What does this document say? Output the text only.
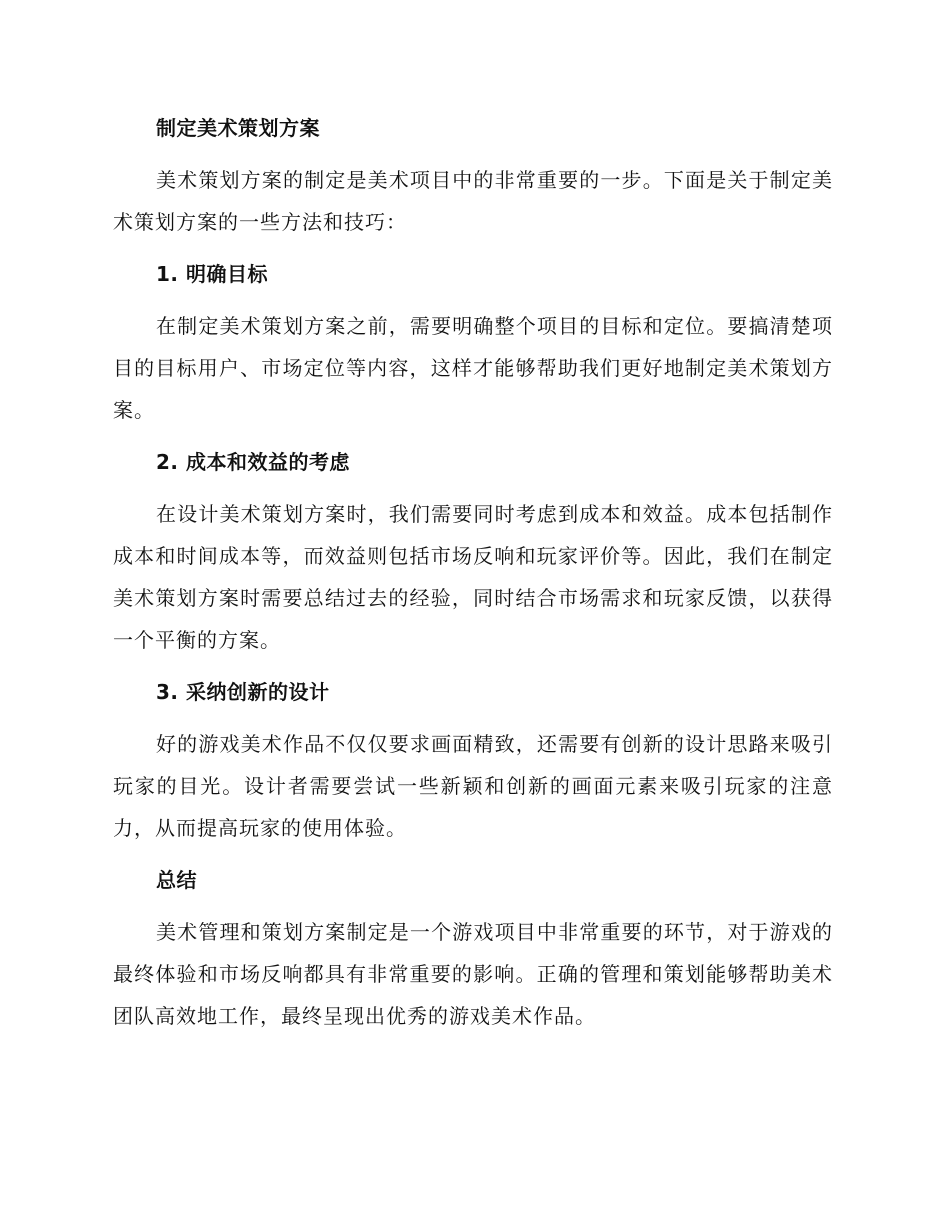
制定美术策划方案

美术策划方案的制定是美术项目中的非常重要的一步。下面是关于制定美术策划方案的一些方法和技巧：

1. 明确目标

在制定美术策划方案之前，需要明确整个项目的目标和定位。要搞清楚项目的目标用户、市场定位等内容，这样才能够帮助我们更好地制定美术策划方案。

2. 成本和效益的考虑

在设计美术策划方案时，我们需要同时考虑到成本和效益。成本包括制作成本和时间成本等，而效益则包括市场反响和玩家评价等。因此，我们在制定美术策划方案时需要总结过去的经验，同时结合市场需求和玩家反馈，以获得一个平衡的方案。

3. 采纳创新的设计

好的游戏美术作品不仅仅要求画面精致，还需要有创新的设计思路来吸引玩家的目光。设计者需要尝试一些新颖和创新的画面元素来吸引玩家的注意力，从而提高玩家的使用体验。

总结

美术管理和策划方案制定是一个游戏项目中非常重要的环节，对于游戏的最终体验和市场反响都具有非常重要的影响。正确的管理和策划能够帮助美术团队高效地工作，最终呈现出优秀的游戏美术作品。
